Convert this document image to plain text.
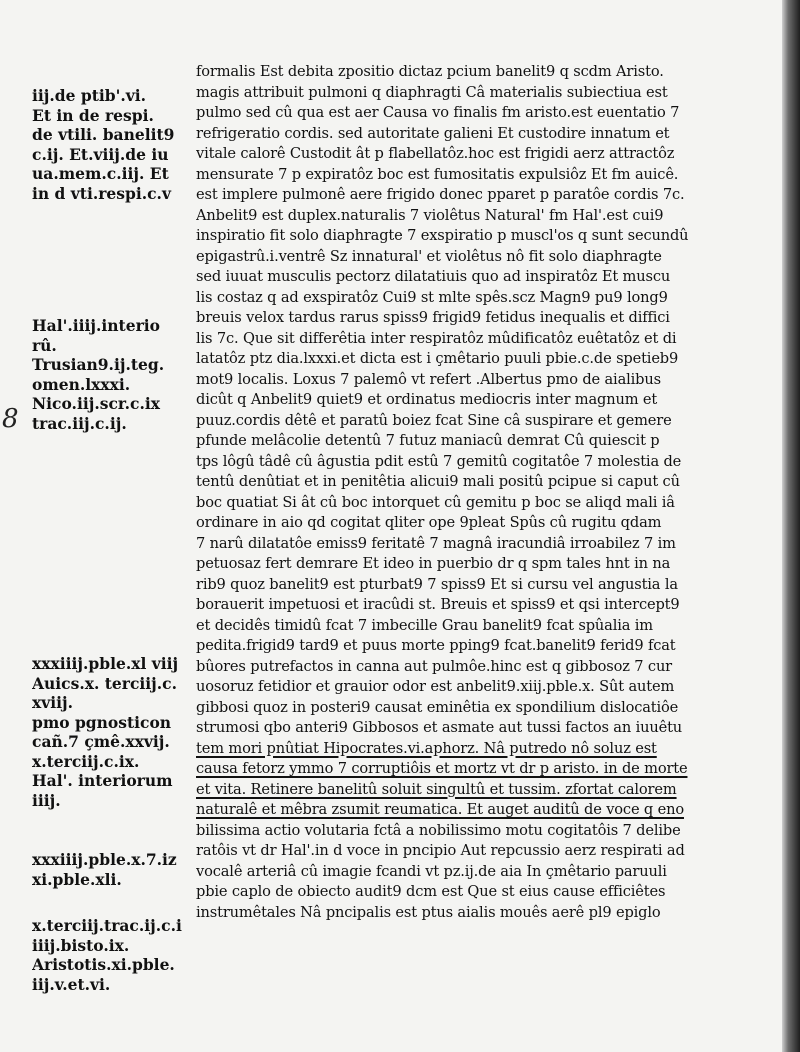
iij.de ptib'.vi.
Et in de respi.
de vtili. banelit9
c.ij. Et.viij.de iu
ua.mem.c.iij. Et
in d vti.respi.c.v
Hal'.iiij.interio
rû.
Trusian9.ij.teg.
omen.lxxxi.
Nico.iij.scr.c.ix
trac.iij.c.ij.
xxxiiij.pble.xl viij
Auics.x. terciij.c.
xviij.
pmo pgnosticon
cañ.7 çmê.xxvij.
x.terciij.c.ix.
Hal'. interiorum
iiij.
xxxiiij.pble.x.7.iz
xi.pble.xli.
x.terciij.trac.ij.c.i
iiij.bisto.ix.
Aristotis.xi.pble.
iij.v.et.vi.
8
formalis Est debita zpositio dictaz pcium banelit9 q scdm Aristo.
magis attribuit pulmoni q diaphragti Câ materialis subiectiua est
pulmo sed cû qua est aer Causa vo finalis fm aristo.est euentatio 7
refrigeratio cordis. sed autoritate galieni Et custodire innatum et
vitale calorê Custodit ât p flabellatôz.hoc est frigidi aerz attractôz
mensurate 7 p expiratôz boc est fumositatis expulsiôz Et fm auicê.
est implere pulmonê aere frigido donec pparet p paratôe cordis 7c.
Anbelit9 est duplex.naturalis 7 violêtus Natural' fm Hal'.est cui9
inspiratio fit solo diaphragte 7 exspiratio p muscl'os q sunt secundû
epigastrû.i.ventrê Sz innatural' et violêtus nô fit solo diaphragte
sed iuuat musculis pectorz dilatatiuis quo ad inspiratôz Et muscu
lis costaz q ad exspiratôz Cui9 st mlte spês.scz Magn9 pu9 long9
breuis velox tardus rarus spiss9 frigid9 fetidus inequalis et diffici
lis 7c. Que sit differêtia inter respiratôz mûdificatôz euêtatôz et di
latatôz ptz dia.lxxxi.et dicta est i çmêtario puuli pbie.c.de spetieb9
mot9 localis. Loxus 7 palemô vt refert .Albertus pmo de aialibus
dicût q Anbelit9 quiet9 et ordinatus mediocris inter magnum et
puuz.cordis dêtê et paratû boiez fcat Sine câ suspirare et gemere
pfunde melâcolie detentû 7 futuz maniacû demrat Cû quiescit p
tps lôgû tâdê cû âgustia pdit estû 7 gemitû cogitatôe 7 molestia de
tentû denûtiat et in penitêtia alicui9 mali positû pcipue si caput cû
boc quatiat Si ât cû boc intorquet cû gemitu p boc se aliqd mali iâ
ordinare in aio qd cogitat qliter ope 9pleat Spûs cû rugitu qdam
7 narû dilatatôe emiss9 feritatê 7 magnâ iracundiâ irroabilez 7 im
petuosaz fert demrare Et ideo in puerbio dr q spm tales hnt in na
rib9 quoz banelit9 est pturbat9 7 spiss9 Et si cursu vel angustia la
borauerit impetuosi et iracûdi st. Breuis et spiss9 et qsi intercept9
et decidês timidû fcat 7 imbecille Grau banelit9 fcat spûalia im
pedita.frigid9 tard9 et puus morte pping9 fcat.banelit9 ferid9 fcat
bûores putrefactos in canna aut pulmôe.hinc est q gibbosoz 7 cur
uosoruz fetidior et grauior odor est anbelit9.xiij.pble.x. Sût autem
gibbosi quoz in posteri9 causat eminêtia ex spondilium dislocatiôe
strumosi qbo anteri9 Gibbosos et asmate aut tussi factos an iuuêtu
tem mori pnûtiat Hipocrates.vi.aphorz. Nâ putredo nô soluz est
causa fetorz ymmo 7 corruptiôis et mortz vt dr p aristo. in de morte
et vita. Retinere banelitû soluit singultû et tussim. zfortat calorem
naturalê et mêbra zsumit reumatica. Et auget auditû de voce q eno
bilissima actio volutaria fctâ a nobilissimo motu cogitatôis 7 delibe
ratôis vt dr Hal'.in d voce in pncipio Aut repcussio aerz respirati ad
vocalê arteriâ cû imagie fcandi vt pz.ij.de aia In çmêtario paruuli
pbie caplo de obiecto audit9 dcm est Que st eius cause efficiêtes
instrumêtales Nâ pncipalis est ptus aialis mouês aerê pl9 epiglo
